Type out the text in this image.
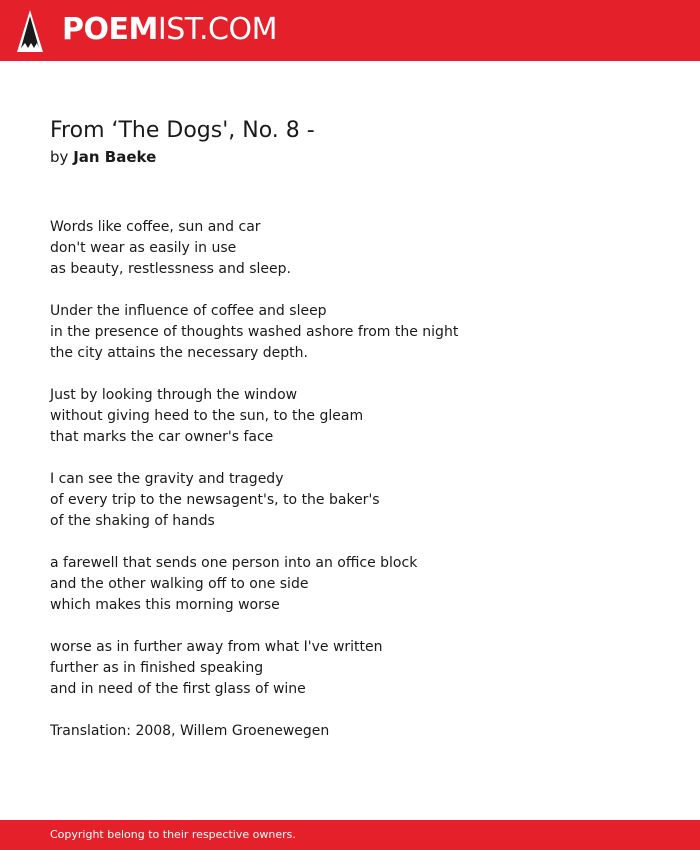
POEMIST.COM
From ‘The Dogs', No. 8 -

by Jan Baeke

Words like coffee, sun and car
don't wear as easily in use
as beauty, restlessness and sleep.

Under the influence of coffee and sleep
in the presence of thoughts washed ashore from the night
the city attains the necessary depth.

Just by looking through the window
without giving heed to the sun, to the gleam
that marks the car owner's face

I can see the gravity and tragedy
of every trip to the newsagent's, to the baker's
of the shaking of hands

a farewell that sends one person into an office block
and the other walking off to one side
which makes this morning worse

worse as in further away from what I've written
further as in finished speaking
and in need of the first glass of wine

Translation: 2008, Willem Groenewegen

Copyright belong to their respective owners.
